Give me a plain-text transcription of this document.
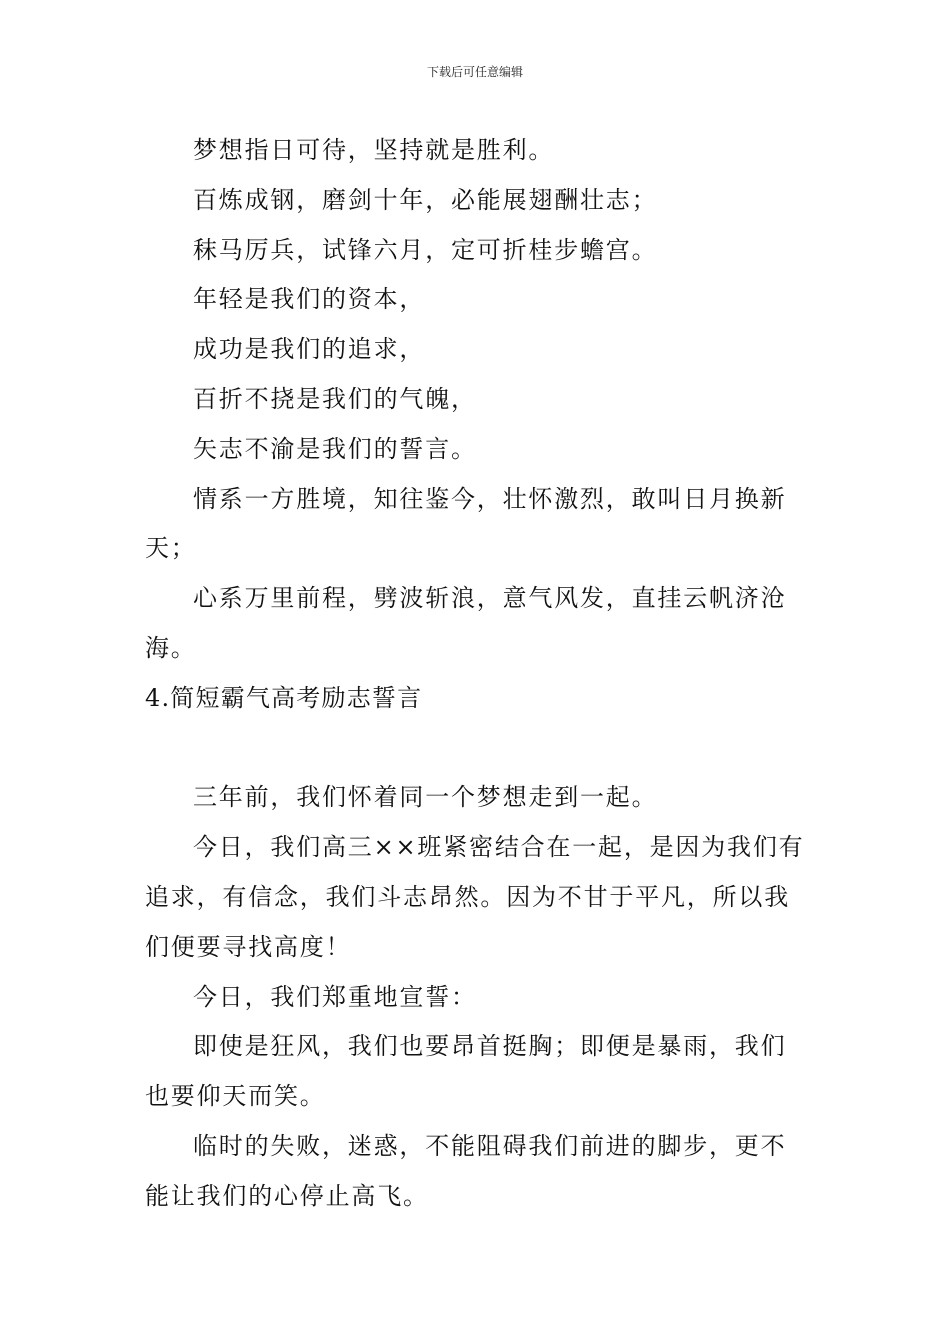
下载后可任意编辑

梦想指日可待，坚持就是胜利。

百炼成钢，磨剑十年，必能展翅酬壮志；

秣马厉兵，试锋六月，定可折桂步蟾宫。

年轻是我们的资本，

成功是我们的追求，

百折不挠是我们的气魄，

矢志不渝是我们的誓言。

情系一方胜境，知往鉴今，壮怀激烈，敢叫日月换新天；

心系万里前程，劈波斩浪，意气风发，直挂云帆济沧海。

4.简短霸气高考励志誓言

三年前，我们怀着同一个梦想走到一起。

今日，我们高三××班紧密结合在一起，是因为我们有追求，有信念，我们斗志昂然。因为不甘于平凡，所以我们便要寻找高度！

今日，我们郑重地宣誓：

即使是狂风，我们也要昂首挺胸；即便是暴雨，我们也要仰天而笑。

临时的失败，迷惑，不能阻碍我们前进的脚步，更不能让我们的心停止高飞。
